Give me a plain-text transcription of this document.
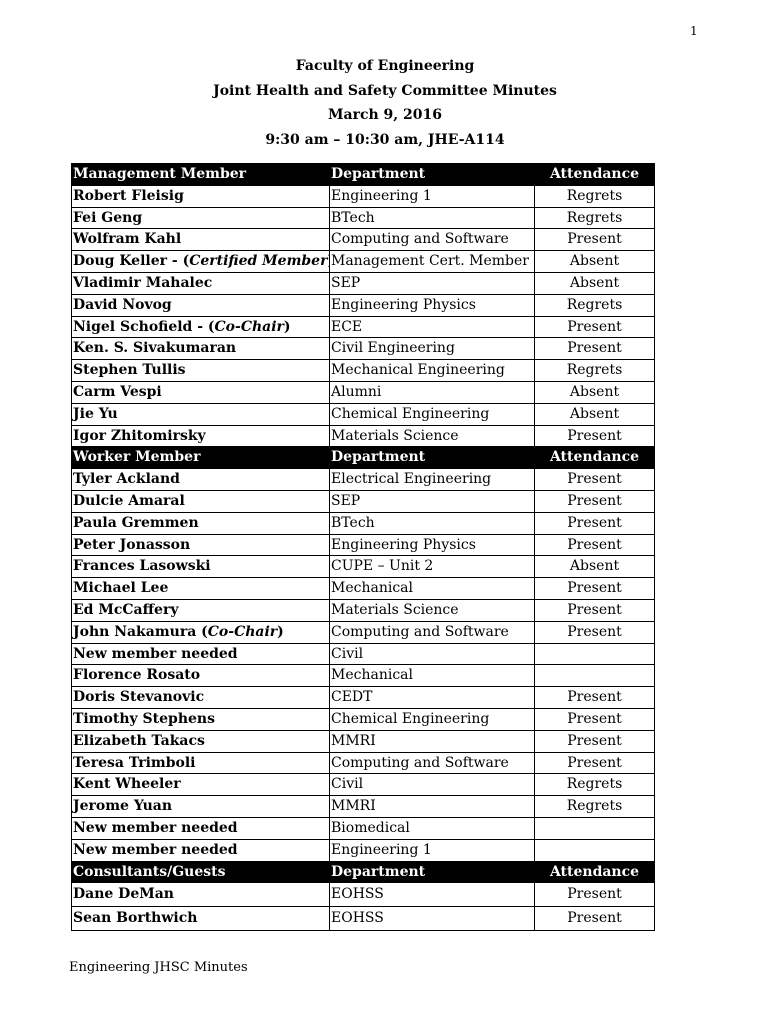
1
Faculty of Engineering
Joint Health and Safety Committee Minutes
March 9, 2016
9:30 am – 10:30 am, JHE-A114
Management Member	Department	Attendance
Robert Fleisig	Engineering 1	Regrets
Fei Geng	BTech	Regrets
Wolfram Kahl	Computing and Software	Present
Doug Keller - (Certified Member	Management Cert. Member	Absent
Vladimir Mahalec	SEP	Absent
David Novog	Engineering Physics	Regrets
Nigel Schofield - (Co-Chair)	ECE	Present
Ken. S. Sivakumaran	Civil Engineering	Present
Stephen Tullis	Mechanical Engineering	Regrets
Carm Vespi	Alumni	Absent
Jie Yu	Chemical Engineering	Absent
Igor Zhitomirsky	Materials Science	Present
Worker Member	Department	Attendance
Tyler Ackland	Electrical Engineering	Present
Dulcie Amaral	SEP	Present
Paula Gremmen	BTech	Present
Peter Jonasson	Engineering Physics	Present
Frances Lasowski	CUPE – Unit 2	Absent
Michael Lee	Mechanical	Present
Ed McCaffery	Materials Science	Present
John Nakamura (Co-Chair)	Computing and Software	Present
New member needed	Civil	
Florence Rosato	Mechanical	
Doris Stevanovic	CEDT	Present
Timothy Stephens	Chemical Engineering	Present
Elizabeth Takacs	MMRI	Present
Teresa Trimboli	Computing and Software	Present
Kent Wheeler	Civil	Regrets
Jerome Yuan	MMRI	Regrets
New member needed	Biomedical	
New member needed	Engineering 1	
Consultants/Guests	Department	Attendance
Dane DeMan	EOHSS	Present
Sean Borthwich	EOHSS	Present
Engineering JHSC Minutes
